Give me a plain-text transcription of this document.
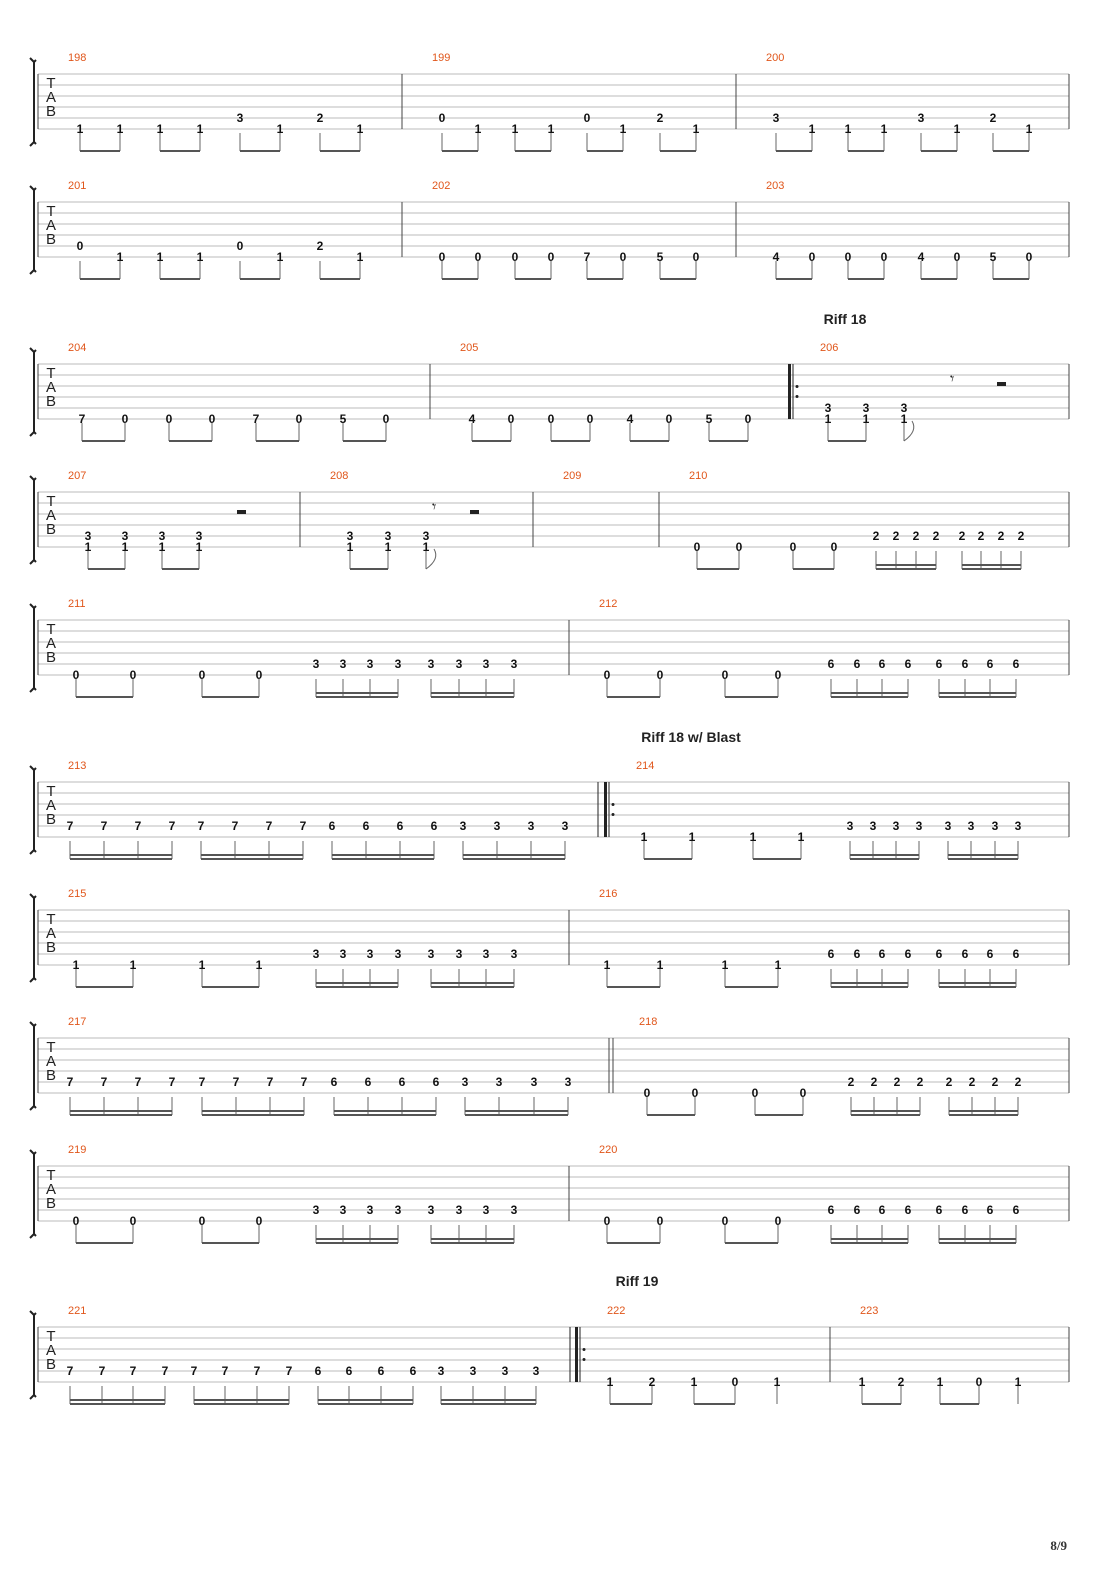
T
A
B
198
1	1	1	1
3
1
2
1
199
0
1	1 1
0
1
2
1
200
3
1 1 1
3
1
2
1
T
A
B
201
0
1	1	1
0
1
2
1
202
0 0	0 0 7 0	5 0
203
4 0 0 0	4 0 5 0
T
A
B
204
7	0	0	0	7	0	5	0
205
4	0	0	0	4	0	5	0
206
Riff 18
3
1
3
1
3
1
T
A
B
207
3
1
3
1
3
1
3
1
208
3
1
3
1
3
1
209	210
0	0	0	0
2 2 2 2 2 2 2 2
T
A
B
211
0	0	0	0
3 3 3 3 3 3 3 3
212
0	0	0	0
6 6 6 6 6 6 6 6
T
A
B
213
7 7 7 7 7 7 7 7 6 6 6 6 3 3 3 3
214
Riff 18 w/ Blast
1	1	1	1
3 3 3 3 3 3 3 3
T
A
B
215
1	1	1	1
3 3 3 3 3 3 3 3
216
1	1	1	1
6 6 6 6 6 6 6 6
T
A
B
217
7 7 7 7 7 7 7 7 6 6 6 6 3 3 3 3
218
0	0	0	0
2 2 2 2 2 2 2 2
T
A
B
219
0	0	0	0
3 3 3 3 3 3 3 3
220
0	0	0	0
6 6 6 6 6 6 6 6
T
A
B
221
7 7 7 7 7 7 7 7 6 6 6 6 3 3 3 3
222
Riff 19
1	2	1	0	1
223
1	2	1	0	1
𝄾
𝄾
8/9
